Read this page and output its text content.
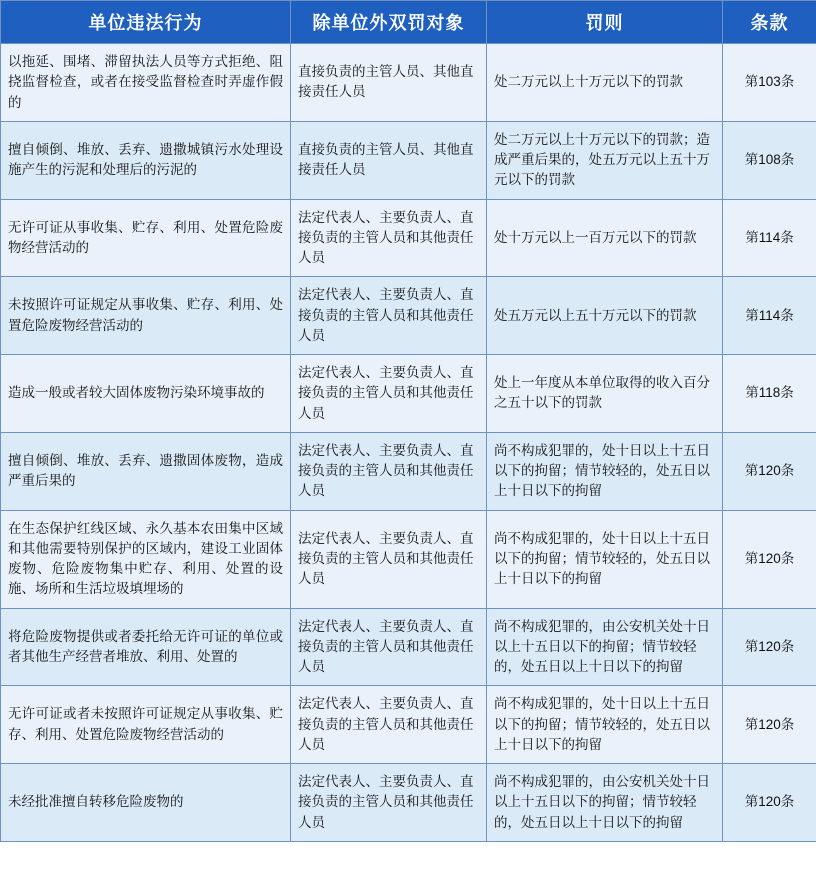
单位违法行为	除单位外双罚对象	罚则	条款
以拖延、围堵、滞留执法人员等方式拒绝、阻挠监督检查，或者在接受监督检查时弄虚作假的	直接负责的主管人员、其他直接责任人员	处二万元以上十万元以下的罚款	第103条
擅自倾倒、堆放、丢弃、遗撒城镇污水处理设施产生的污泥和处理后的污泥的	直接负责的主管人员、其他直接责任人员	处二万元以上十万元以下的罚款；造成严重后果的，处五万元以上五十万元以下的罚款	第108条
无许可证从事收集、贮存、利用、处置危险废物经营活动的	法定代表人、主要负责人、直接负责的主管人员和其他责任人员	处十万元以上一百万元以下的罚款	第114条
未按照许可证规定从事收集、贮存、利用、处置危险废物经营活动的	法定代表人、主要负责人、直接负责的主管人员和其他责任人员	处五万元以上五十万元以下的罚款	第114条
造成一般或者较大固体废物污染环境事故的	法定代表人、主要负责人、直接负责的主管人员和其他责任人员	处上一年度从本单位取得的收入百分之五十以下的罚款	第118条
擅自倾倒、堆放、丢弃、遗撒固体废物，造成严重后果的	法定代表人、主要负责人、直接负责的主管人员和其他责任人员	尚不构成犯罪的，处十日以上十五日以下的拘留；情节较轻的，处五日以上十日以下的拘留	第120条
在生态保护红线区域、永久基本农田集中区域和其他需要特别保护的区域内，建设工业固体废物、危险废物集中贮存、利用、处置的设施、场所和生活垃圾填埋场的	法定代表人、主要负责人、直接负责的主管人员和其他责任人员	尚不构成犯罪的，处十日以上十五日以下的拘留；情节较轻的，处五日以上十日以下的拘留	第120条
将危险废物提供或者委托给无许可证的单位或者其他生产经营者堆放、利用、处置的	法定代表人、主要负责人、直接负责的主管人员和其他责任人员	尚不构成犯罪的，由公安机关处十日以上十五日以下的拘留；情节较轻的，处五日以上十日以下的拘留	第120条
无许可证或者未按照许可证规定从事收集、贮存、利用、处置危险废物经营活动的	法定代表人、主要负责人、直接负责的主管人员和其他责任人员	尚不构成犯罪的，处十日以上十五日以下的拘留；情节较轻的，处五日以上十日以下的拘留	第120条
未经批准擅自转移危险废物的	法定代表人、主要负责人、直接负责的主管人员和其他责任人员	尚不构成犯罪的，由公安机关处十日以上十五日以下的拘留；情节较轻的，处五日以上十日以下的拘留	第120条
